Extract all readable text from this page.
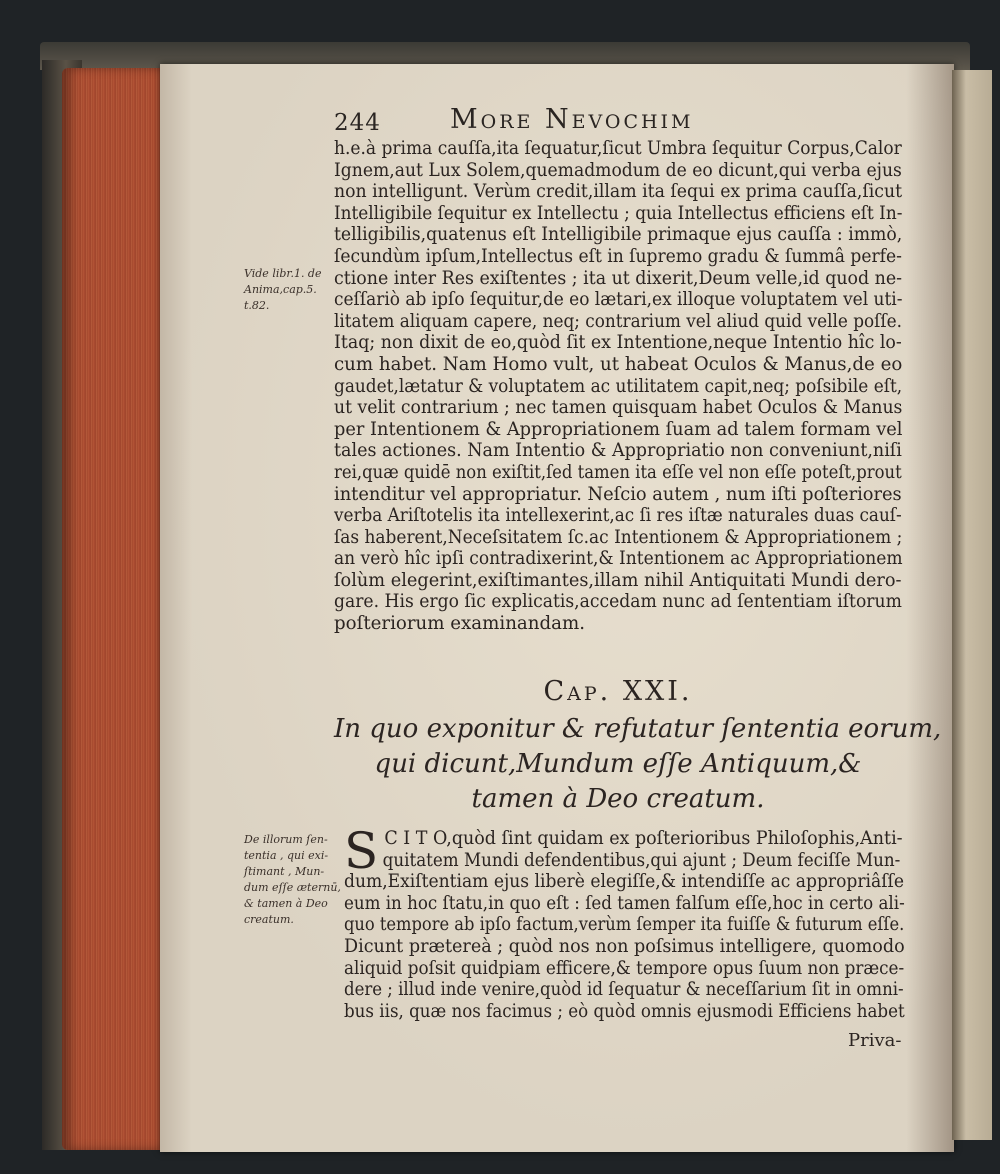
244	More Nevochim
h.e.à prima cauſſa,ita ſequatur,ſicut Umbra ſequitur Corpus,Calor
Ignem,aut Lux Solem,quemadmodum de eo dicunt,qui verba ejus
non intelligunt. Verùm credit,illam ita ſequi ex prima cauſſa,ſicut
Intelligibile ſequitur ex Intellectu ; quia Intellectus efficiens eſt In-
telligibilis,quatenus eſt Intelligibile primaque ejus cauſſa : immò,
ſecundùm ipſum,Intellectus eſt in ſupremo gradu & ſummâ perfe-
ctione inter Res exiſtentes ; ita ut dixerit,Deum velle,id quod ne-
ceſſariò ab ipſo ſequitur,de eo lætari,ex illoque voluptatem vel uti-
litatem aliquam capere, neq; contrarium vel aliud quid velle poſſe.
Itaq; non dixit de eo,quòd ſit ex Intentione,neque Intentio hîc lo-
cum habet. Nam Homo vult, ut habeat Oculos & Manus,de eo
gaudet,lætatur & voluptatem ac utilitatem capit,neq; poſsibile eſt,
ut velit contrarium ; nec tamen quisquam habet Oculos & Manus
per Intentionem & Appropriationem ſuam ad talem formam vel
tales actiones. Nam Intentio & Appropriatio non conveniunt,niſi
rei,quæ quidē non exiſtit,ſed tamen ita eſſe vel non eſſe poteſt,prout
intenditur vel appropriatur. Neſcio autem , num iſti poſteriores
verba Ariſtotelis ita intellexerint,ac ſi res iſtæ naturales duas cauſ-
ſas haberent,Neceſsitatem ſc.ac Intentionem & Appropriationem ;
an verò hîc ipſi contradixerint,& Intentionem ac Appropriationem
ſolùm elegerint,exiſtimantes,illam nihil Antiquitati Mundi dero-
gare. His ergo ſic explicatis,accedam nunc ad ſententiam iſtorum
poſteriorum examinandam.
Vide libr.1. de
Anima,cap.5.
t.82.
Cap. XXI.
In quo exponitur & refutatur ſententia eorum,
qui dicunt,Mundum eſſe Antiquum,&
tamen à Deo creatum.
De illorum ſen-
tentia , qui exi-
ſtimant , Mun-
dum eſſe æternū,
& tamen à Deo
creatum.
S C I T O,quòd ſint quidam ex poſterioribus Philoſophis,Anti-
quitatem Mundi defendentibus,qui ajunt ; Deum feciſſe Mun-
dum,Exiſtentiam ejus liberè elegiſſe,& intendiſſe ac appropriâſſe
eum in hoc ſtatu,in quo eſt : ſed tamen falſum eſſe,hoc in certo ali-
quo tempore ab ipſo factum,verùm ſemper ita fuiſſe & futurum eſſe.
Dicunt prætereà ; quòd nos non poſsimus intelligere, quomodo
aliquid poſsit quidpiam efficere,& tempore opus ſuum non præce-
dere ; illud inde venire,quòd id ſequatur & neceſſarium ſit in omni-
bus iis, quæ nos facimus ; eò quòd omnis ejusmodi Efficiens habet
Priva-
